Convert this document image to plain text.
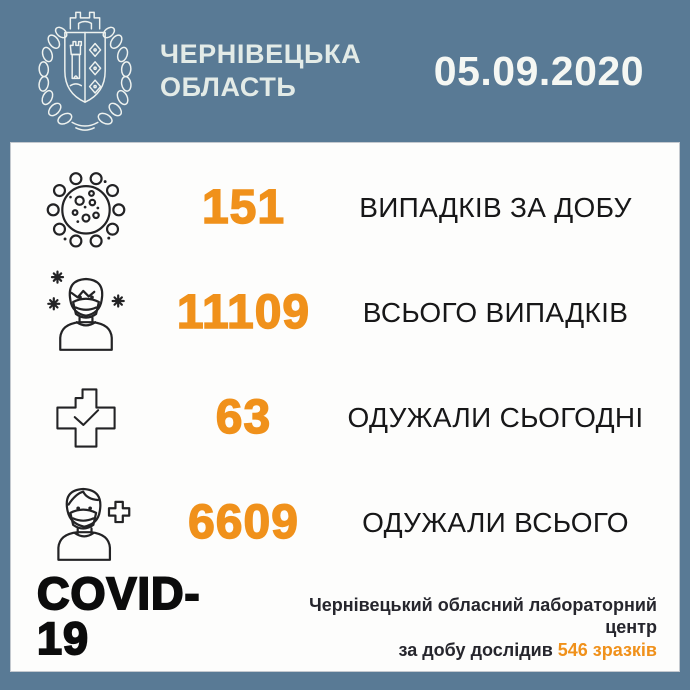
ЧЕРНІВЕЦЬКА
ОБЛАСТЬ	05.09.2020
151	ВИПАДКІВ ЗА ДОБУ
11109	ВСЬОГО ВИПАДКІВ
63	ОДУЖАЛИ СЬОГОДНІ
6609	ОДУЖАЛИ ВСЬОГО
COVID-19
Чернівецький обласний лабораторний центр
за добу дослідив 546 зразків
